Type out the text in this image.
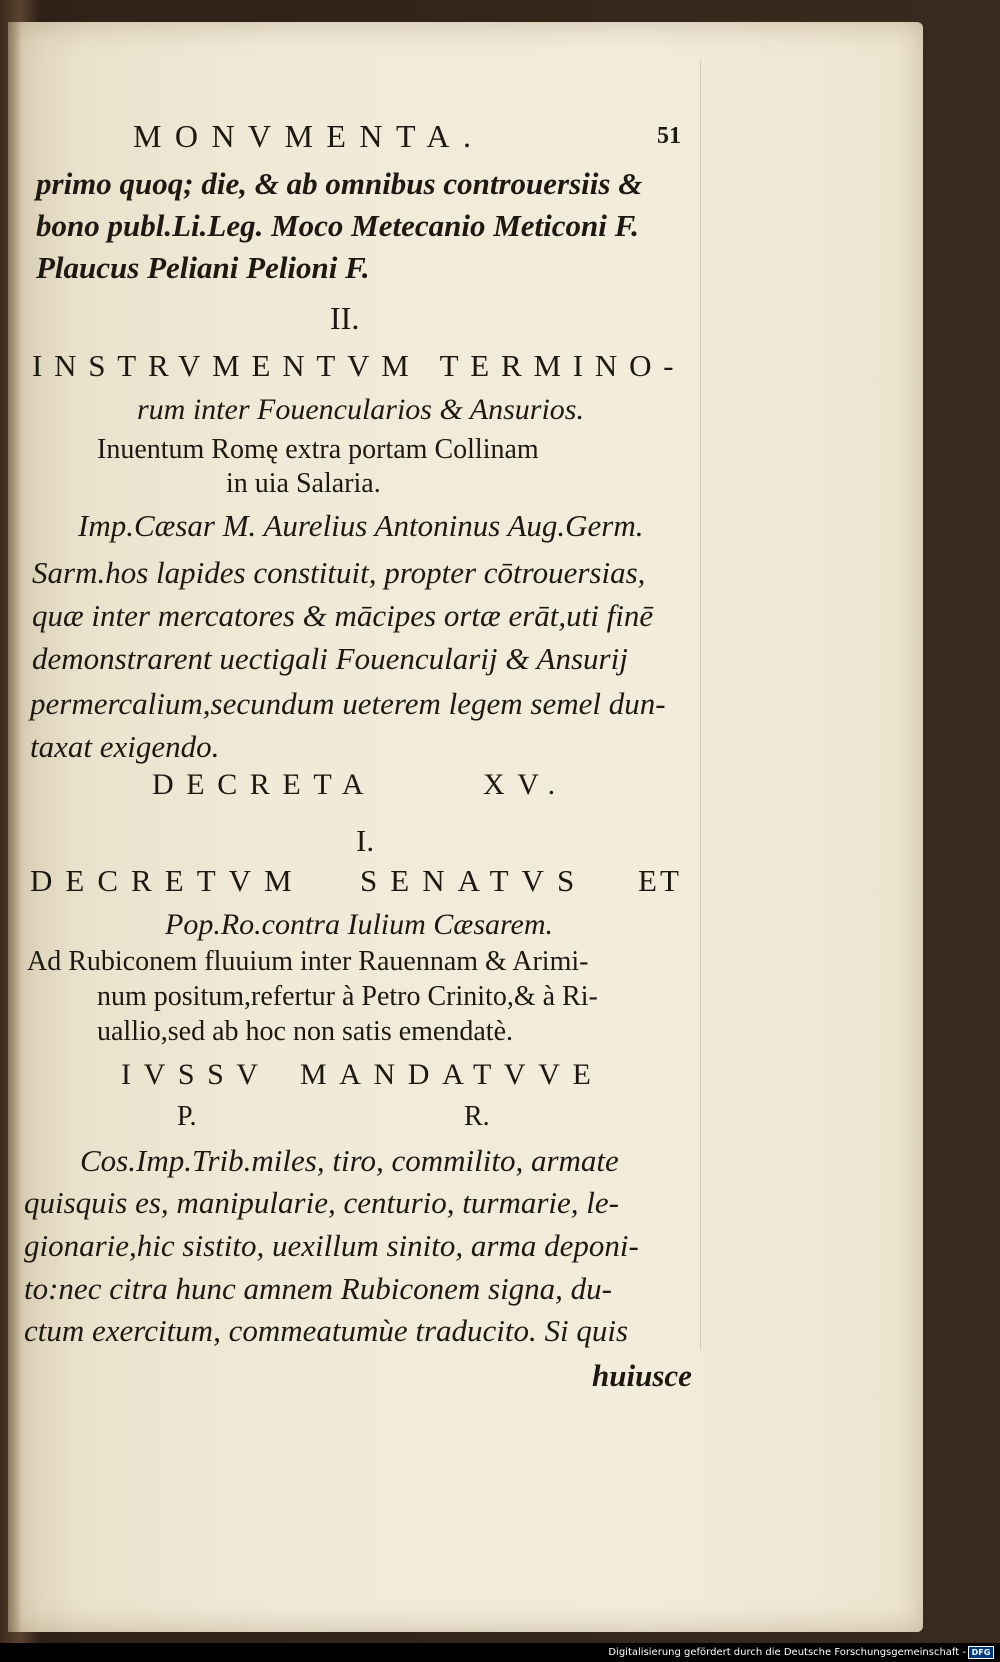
MONVMENTA.	51
primo quoq; die, & ab omnibus controuersiis &
bono publ.Li.Leg. Moco Metecanio Meticoni F.
Plaucus Peliani Pelioni F.
II.
INSTRVMENTVM TERMINO-
rum inter Fouencularios & Ansurios.
Inuentum Romę extra portam Collinam
in uia Salaria.
Imp.Cæsar M. Aurelius Antoninus Aug.Germ.
Sarm.hos lapides constituit, propter cōtrouersias,
quæ inter mercatores & mācipes ortæ erāt,uti finē
demonstrarent uectigali Fouencularij & Ansurij
permercalium,secundum ueterem legem semel dun-
taxat exigendo.
DECRETA	XV.
I.
DECRETVM SENATVS ET
Pop.Ro.contra Iulium Cæsarem.
Ad Rubiconem fluuium inter Rauennam & Arimi-
num positum,refertur à Petro Crinito,& à Ri-
uallio,sed ab hoc non satis emendatè.
IVSSV MANDATVVE
P.	R.
Cos.Imp.Trib.miles, tiro, commilito, armate
quisquis es, manipularie, centurio, turmarie, le-
gionarie,hic sistito, uexillum sinito, arma deponi-
to:nec citra hunc amnem Rubiconem signa, du-
ctum exercitum, commeatumùe traducito. Si quis
huiusce
Digitalisierung gefördert durch die Deutsche Forschungsgemeinschaft - DFG
